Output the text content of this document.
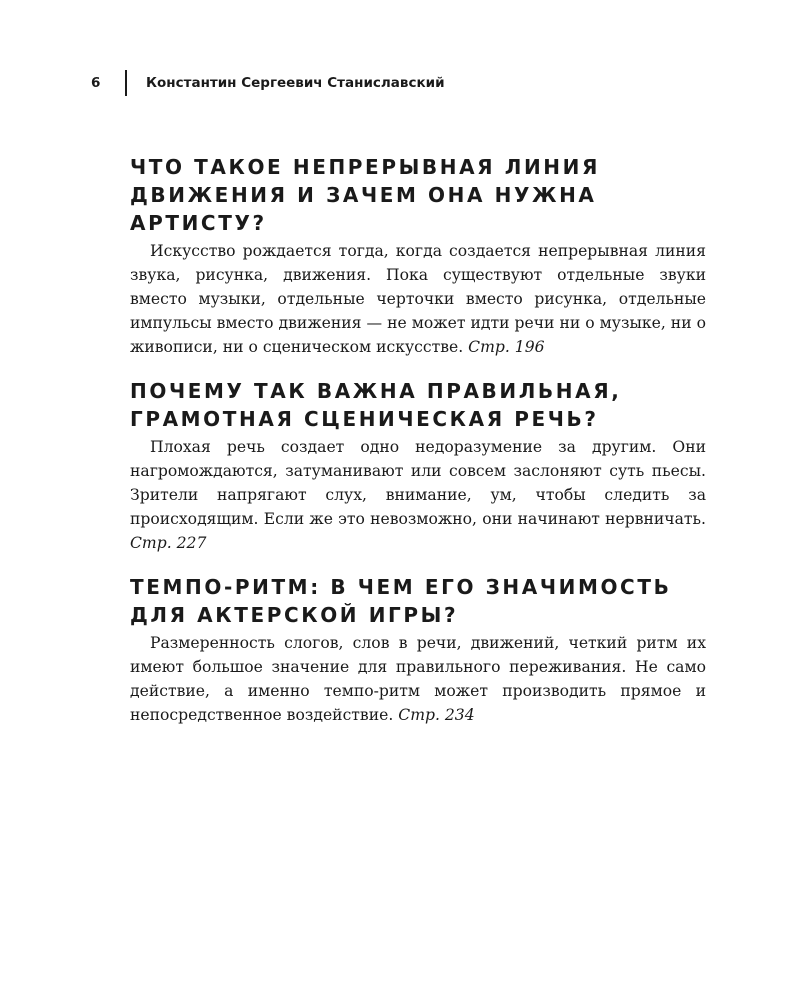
6	Константин Сергеевич Станиславский
ЧТО ТАКОЕ НЕПРЕРЫВНАЯ ЛИНИЯ ДВИЖЕНИЯ И ЗАЧЕМ ОНА НУЖНА АРТИСТУ?

Искусство рождается тогда, когда создается непрерывная линия звука, рисунка, движения. Пока существуют отдельные звуки вместо музыки, отдельные черточки вместо рисунка, отдельные импульсы вместо движения — не может идти речи ни о музыке, ни о живописи, ни о сценическом искусстве. Стр. 196

ПОЧЕМУ ТАК ВАЖНА ПРАВИЛЬНАЯ, ГРАМОТНАЯ СЦЕНИЧЕСКАЯ РЕЧЬ?

Плохая речь создает одно недоразумение за другим. Они нагромождаются, затуманивают или совсем заслоняют суть пьесы. Зрители напрягают слух, внимание, ум, чтобы следить за происходящим. Если же это невозможно, они начинают нервничать. Стр. 227

ТЕМПО-РИТМ: В ЧЕМ ЕГО ЗНАЧИМОСТЬ ДЛЯ АКТЕРСКОЙ ИГРЫ?

Размеренность слогов, слов в речи, движений, четкий ритм их имеют большое значение для правильного переживания. Не само действие, а именно темпо-ритм может производить прямое и непосредственное воздействие. Стр. 234
